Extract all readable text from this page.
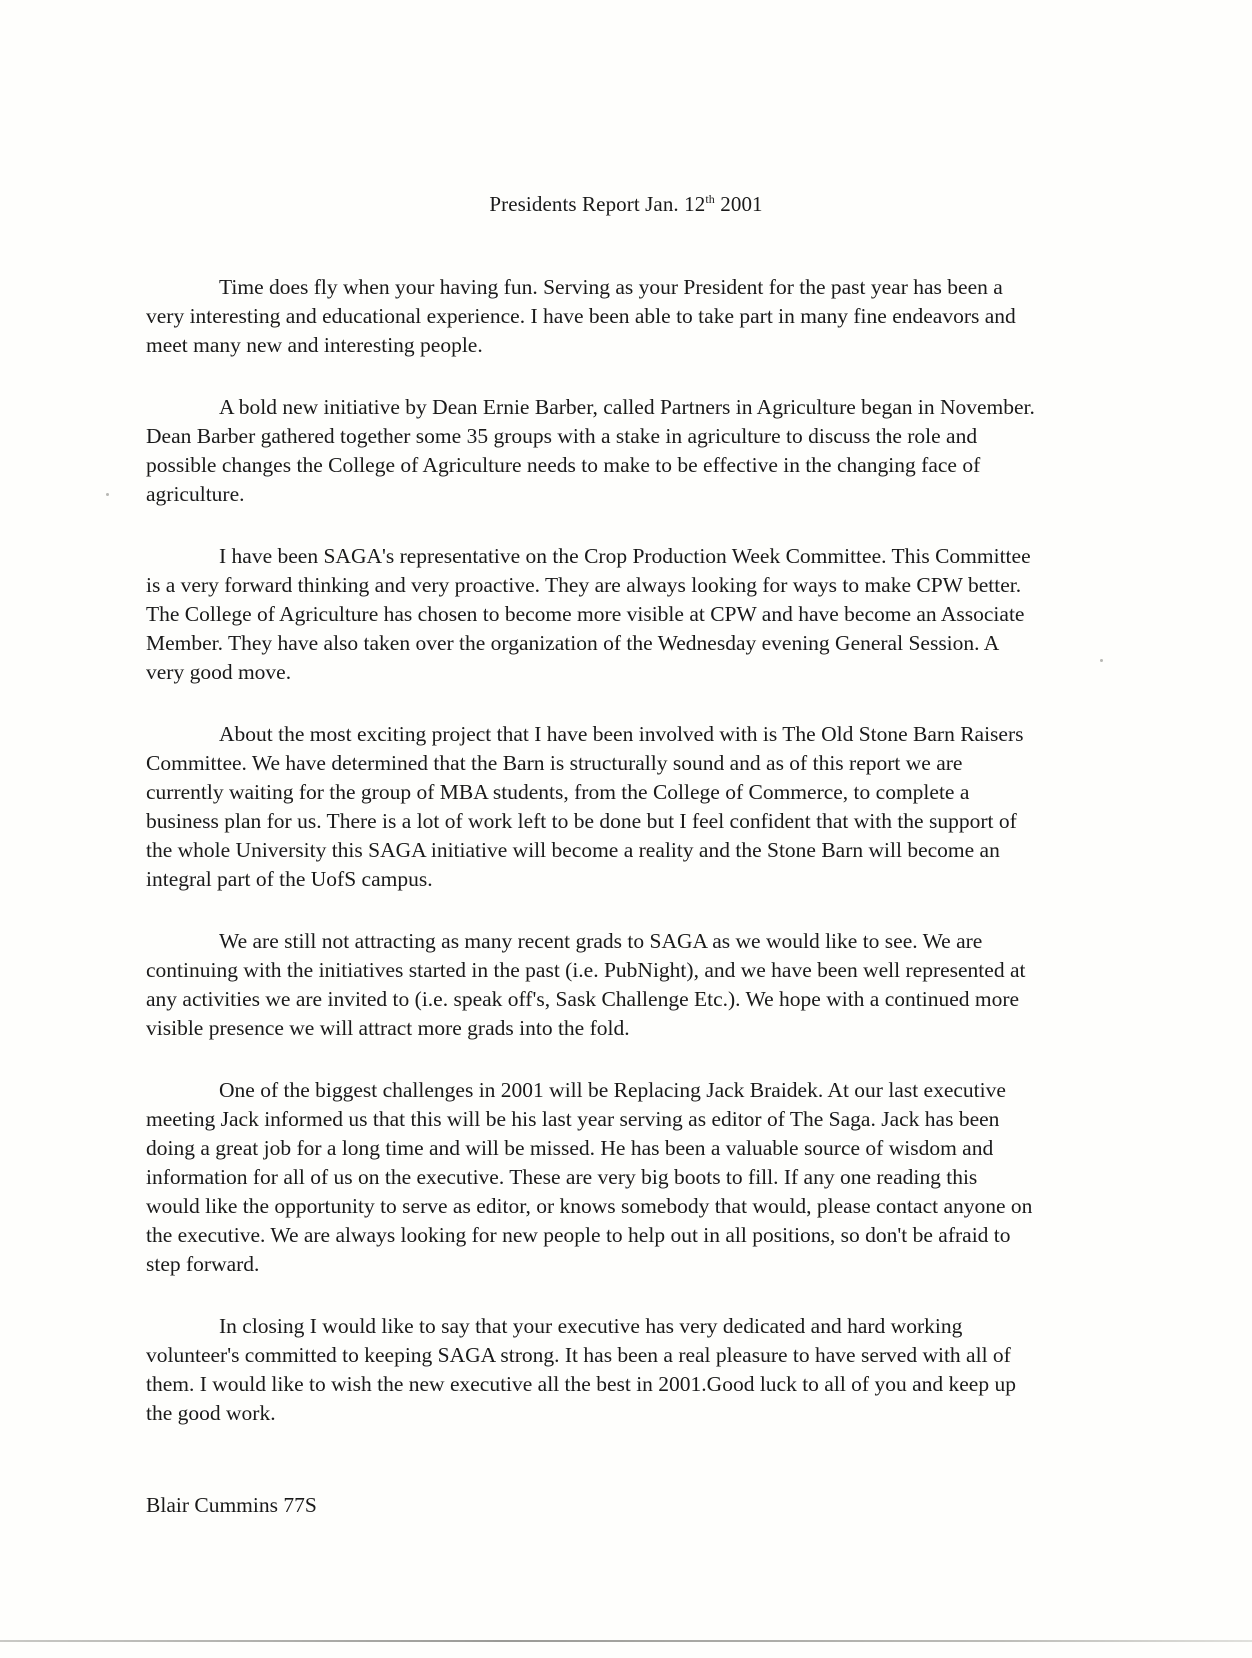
Presidents Report Jan. 12th 2001

Time does fly when your having fun. Serving as your President for the past year has been a very interesting and educational experience. I have been able to take part in many fine endeavors and meet many new and interesting people.

A bold new initiative by Dean Ernie Barber, called Partners in Agriculture began in November. Dean Barber gathered together some 35 groups with a stake in agriculture to discuss the role and possible changes the College of Agriculture needs to make to be effective in the changing face of agriculture.

I have been SAGA's representative on the Crop Production Week Committee. This Committee is a very forward thinking and very proactive. They are always looking for ways to make CPW better. The College of Agriculture has chosen to become more visible at CPW and have become an Associate Member. They have also taken over the organization of the Wednesday evening General Session. A very good move.

About the most exciting project that I have been involved with is The Old Stone Barn Raisers Committee. We have determined that the Barn is structurally sound and as of this report we are currently waiting for the group of MBA students, from the College of Commerce, to complete a business plan for us. There is a lot of work left to be done but I feel confident that with the support of the whole University this SAGA initiative will become a reality and the Stone Barn will become an integral part of the UofS campus.

We are still not attracting as many recent grads to SAGA as we would like to see. We are continuing with the initiatives started in the past (i.e. PubNight), and we have been well represented at any activities we are invited to (i.e. speak off's, Sask Challenge Etc.). We hope with a continued more visible presence we will attract more grads into the fold.

One of the biggest challenges in 2001 will be Replacing Jack Braidek. At our last executive meeting Jack informed us that this will be his last year serving as editor of The Saga. Jack has been doing a great job for a long time and will be missed. He has been a valuable source of wisdom and information for all of us on the executive. These are very big boots to fill. If any one reading this would like the opportunity to serve as editor, or knows somebody that would, please contact anyone on the executive. We are always looking for new people to help out in all positions, so don't be afraid to step forward.

In closing I would like to say that your executive has very dedicated and hard working volunteer's committed to keeping SAGA strong. It has been a real pleasure to have served with all of them. I would like to wish the new executive all the best in 2001.Good luck to all of you and keep up the good work.

Blair Cummins 77S
